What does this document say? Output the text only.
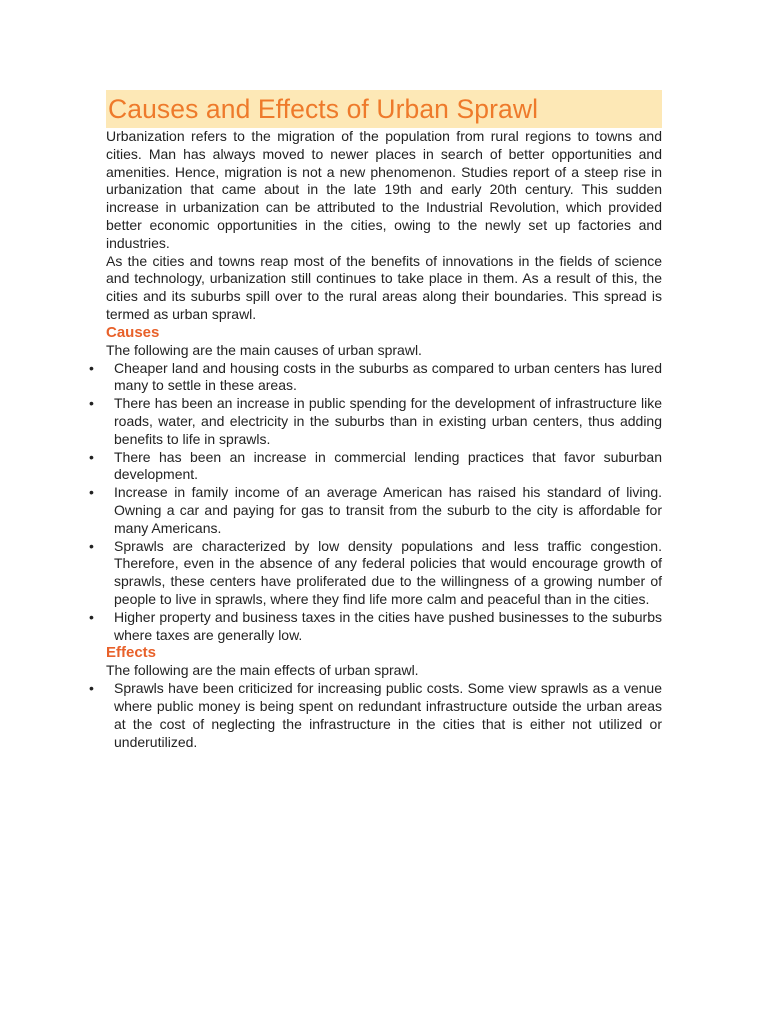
Causes and Effects of Urban Sprawl

Urbanization refers to the migration of the population from rural regions to towns and cities. Man has always moved to newer places in search of better opportunities and amenities. Hence, migration is not a new phenomenon. Studies report of a steep rise in urbanization that came about in the late 19th and early 20th century. This sudden increase in urbanization can be attributed to the Industrial Revolution, which provided better economic opportunities in the cities, owing to the newly set up factories and industries.

As the cities and towns reap most of the benefits of innovations in the fields of science and technology, urbanization still continues to take place in them. As a result of this, the cities and its suburbs spill over to the rural areas along their boundaries. This spread is termed as urban sprawl.

Causes

The following are the main causes of urban sprawl.

• Cheaper land and housing costs in the suburbs as compared to urban centers has lured many to settle in these areas.
• There has been an increase in public spending for the development of infrastructure like roads, water, and electricity in the suburbs than in existing urban centers, thus adding benefits to life in sprawls.
• There has been an increase in commercial lending practices that favor suburban development.
• Increase in family income of an average American has raised his standard of living. Owning a car and paying for gas to transit from the suburb to the city is affordable for many Americans.
• Sprawls are characterized by low density populations and less traffic congestion. Therefore, even in the absence of any federal policies that would encourage growth of sprawls, these centers have proliferated due to the willingness of a growing number of people to live in sprawls, where they find life more calm and peaceful than in the cities.
• Higher property and business taxes in the cities have pushed businesses to the suburbs where taxes are generally low.
Effects

The following are the main effects of urban sprawl.

• Sprawls have been criticized for increasing public costs. Some view sprawls as a venue where public money is being spent on redundant infrastructure outside the urban areas at the cost of neglecting the infrastructure in the cities that is either not utilized or underutilized.
